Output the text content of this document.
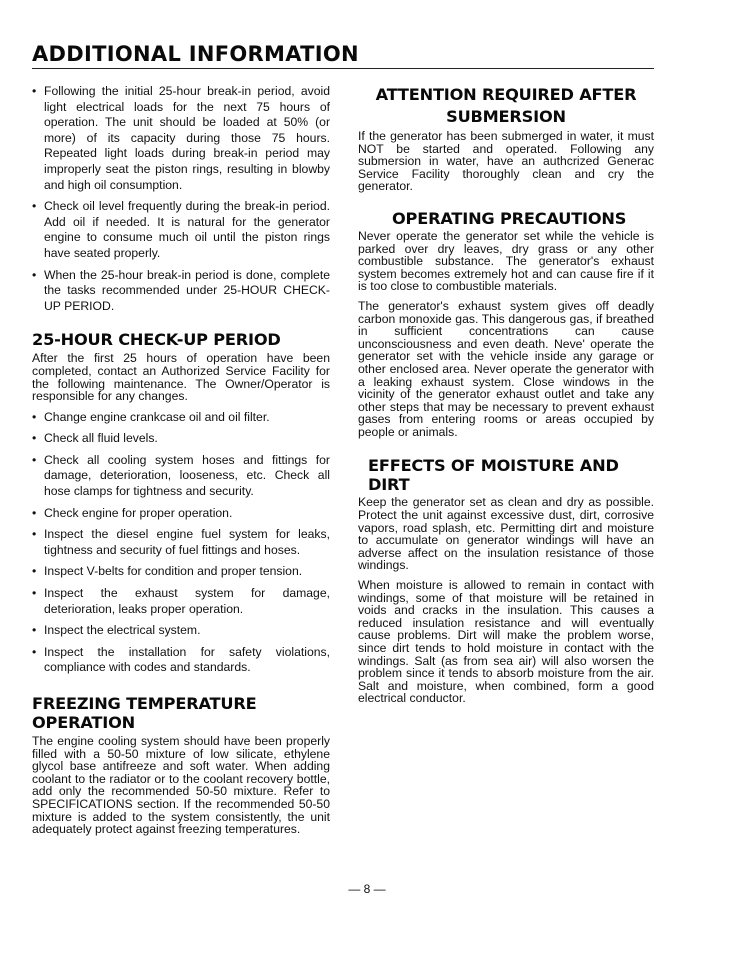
ADDITIONAL INFORMATION
• Following the initial 25-hour break-in period, avoid light electrical loads for the next 75 hours of operation. The unit should be loaded at 50% (or more) of its capacity during those 75 hours. Repeated light loads during break-in period may improperly seat the piston rings, resulting in blowby and high oil consumption.
• Check oil level frequently during the break-in period. Add oil if needed. It is natural for the generator engine to consume much oil until the piston rings have seated properly.
• When the 25-hour break-in period is done, complete the tasks recommended under 25-HOUR CHECK-UP PERIOD.
25-HOUR CHECK-UP PERIOD

After the first 25 hours of operation have been completed, contact an Authorized Service Facility for the following maintenance. The Owner/Operator is responsible for any changes.

• Change engine crankcase oil and oil filter.
• Check all fluid levels.
• Check all cooling system hoses and fittings for damage, deterioration, looseness, etc. Check all hose clamps for tightness and security.
• Check engine for proper operation.
• Inspect the diesel engine fuel system for leaks, tightness and security of fuel fittings and hoses.
• Inspect V-belts for condition and proper tension.
• Inspect the exhaust system for damage, deterioration, leaks proper operation.
• Inspect the electrical system.
• Inspect the installation for safety violations, compliance with codes and standards.
FREEZING TEMPERATURE OPERATION

The engine cooling system should have been properly filled with a 50-50 mixture of low silicate, ethylene glycol base antifreeze and soft water. When adding coolant to the radiator or to the coolant recovery bottle, add only the recommended 50-50 mixture. Refer to SPECIFICATIONS section. If the recommended 50-50 mixture is added to the system consistently, the unit adequately protect against freezing temperatures.

ATTENTION REQUIRED AFTER
SUBMERSION

If the generator has been submerged in water, it must NOT be started and operated. Following any submersion in water, have an authcrized Generac Service Facility thoroughly clean and cry the generator.

OPERATING PRECAUTIONS

Never operate the generator set while the vehicle is parked over dry leaves, dry grass or any other combustible substance. The generator's exhaust system becomes extremely hot and can cause fire if it is too close to combustible materials.

The generator's exhaust system gives off deadly carbon monoxide gas. This dangerous gas, if breathed in sufficient concentrations can cause unconsciousness and even death. Neve' operate the generator set with the vehicle inside any garage or other enclosed area. Never operate the generator with a leaking exhaust system. Close windows in the vicinity of the generator exhaust outlet and take any other steps that may be necessary to prevent exhaust gases from entering rooms or areas occupied by people or animals.

EFFECTS OF MOISTURE AND DIRT

Keep the generator set as clean and dry as possible. Protect the unit against excessive dust, dirt, corrosive vapors, road splash, etc. Permitting dirt and moisture to accumulate on generator windings will have an adverse affect on the insulation resistance of those windings.

When moisture is allowed to remain in contact with windings, some of that moisture will be retained in voids and cracks in the insulation. This causes a reduced insulation resistance and will eventually cause problems. Dirt will make the problem worse, since dirt tends to hold moisture in contact with the windings. Salt (as from sea air) will also worsen the problem since it tends to absorb moisture from the air. Salt and moisture, when combined, form a good electrical conductor.

— 8 —
